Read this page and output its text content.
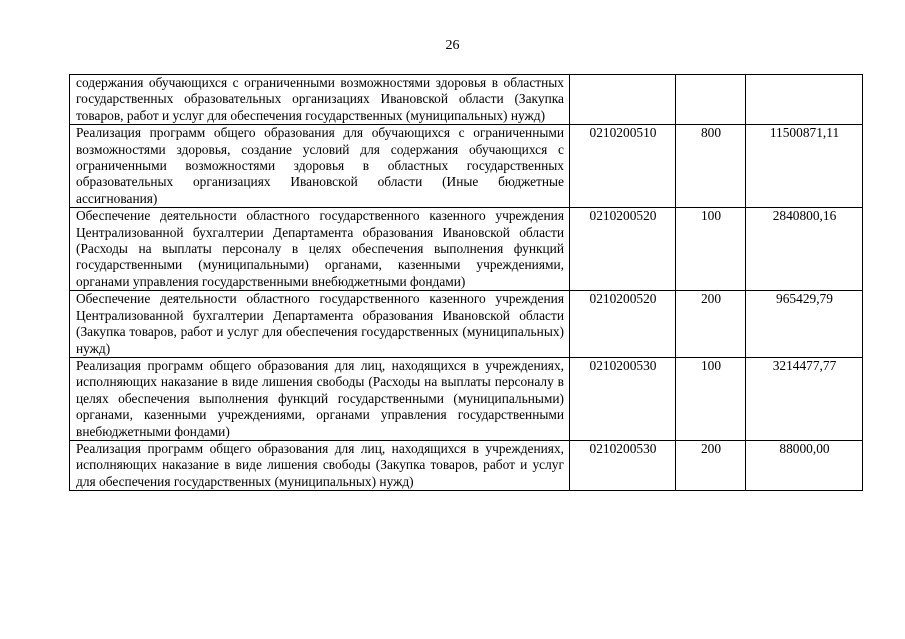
26
содержания обучающихся с ограниченными возможностями здоровья в областных государственных образовательных организациях Ивановской области (Закупка товаров, работ и услуг для обеспечения государственных (муниципальных) нужд)			
Реализация программ общего образования для обучающихся с ограниченными возможностями здоровья, создание условий для содержания обучающихся с ограниченными возможностями здоровья в областных государственных образовательных организациях Ивановской области (Иные бюджетные ассигнования)	0210200510	800	11500871,11
Обеспечение деятельности областного государственного казенного учреждения Централизованной бухгалтерии Департамента образования Ивановской области (Расходы на выплаты персоналу в целях обеспечения выполнения функций государственными (муниципальными) органами, казенными учреждениями, органами управления государственными внебюджетными фондами)	0210200520	100	2840800,16
Обеспечение деятельности областного государственного казенного учреждения Централизованной бухгалтерии Департамента образования Ивановской области (Закупка товаров, работ и услуг для обеспечения государственных (муниципальных) нужд)	0210200520	200	965429,79
Реализация программ общего образования для лиц, находящихся в учреждениях, исполняющих наказание в виде лишения свободы (Расходы на выплаты персоналу в целях обеспечения выполнения функций государственными (муниципальными) органами, казенными учреждениями, органами управления государственными внебюджетными фондами)	0210200530	100	3214477,77
Реализация программ общего образования для лиц, находящихся в учреждениях, исполняющих наказание в виде лишения свободы (Закупка товаров, работ и услуг для обеспечения государственных (муниципальных) нужд)	0210200530	200	88000,00
